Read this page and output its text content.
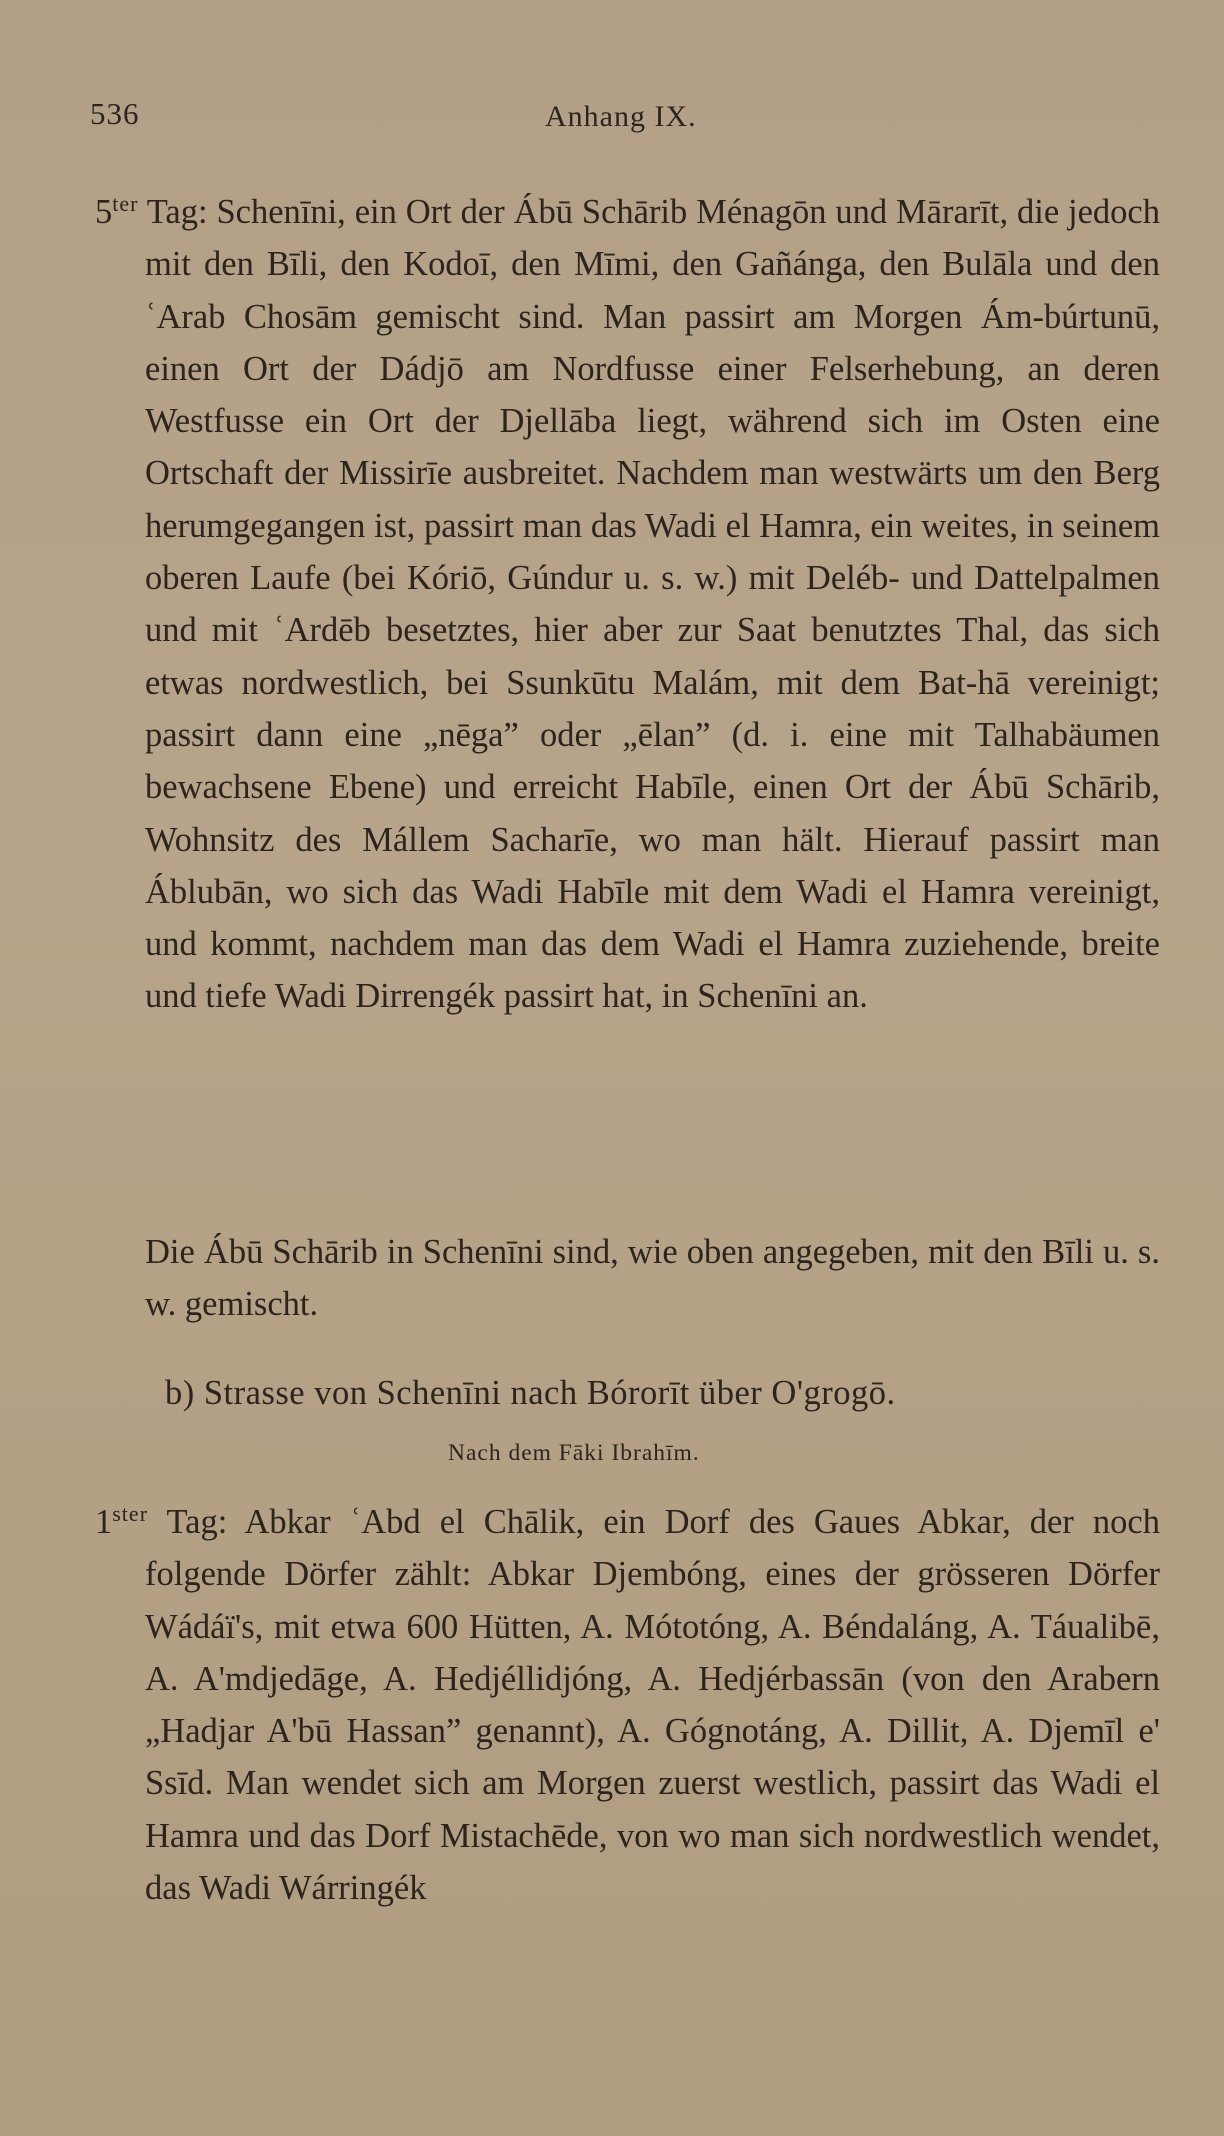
536	Anhang IX.
$5^{ter}$ Tag: Schenīni, ein Ort der Ábū Schārib Ménagōn und Mārarīt, die jedoch mit den Bīli, den Kodoī, den Mīmi, den Gañánga, den Bulāla und den ʿArab Chosām gemischt sind. Man passirt am Morgen Ám-búrtunū, einen Ort der Dádjō am Nordfusse einer Felserhebung, an deren Westfusse ein Ort der Djellāba liegt, während sich im Osten eine Ortschaft der Missirīe ausbreitet. Nachdem man westwärts um den Berg herumgegangen ist, passirt man das Wadi el Hamra, ein weites, in seinem oberen Laufe (bei Kóriō, Gúndur u. s. w.) mit Deléb- und Dattelpalmen und mit ʿArdēb besetztes, hier aber zur Saat benutztes Thal, das sich etwas nordwestlich, bei Ssunkūtu Malám, mit dem Bat-hā vereinigt; passirt dann eine „nēga” oder „ēlan” (d. i. eine mit Talhabäumen bewachsene Ebene) und erreicht Habīle, einen Ort der Ábū Schārib, Wohnsitz des Mállem Sacharīe, wo man hält. Hierauf passirt man Áblubān, wo sich das Wadi Habīle mit dem Wadi el Hamra vereinigt, und kommt, nachdem man das dem Wadi el Hamra zuziehende, breite und tiefe Wadi Dirrengék passirt hat, in Schenīni an.
Die Ábū Schārib in Schenīni sind, wie oben angegeben, mit den Bīli u. s. w. gemischt.
b) Strasse von Schenīni nach Bórorīt über O'grogō.
Nach dem Fāki Ibrahīm.
$1^{ster}$ Tag: Abkar ʿAbd el Chālik, ein Dorf des Gaues Abkar, der noch folgende Dörfer zählt: Abkar Djembóng, eines der grösseren Dörfer Wádáï's, mit etwa 600 Hütten, A. Mótotóng, A. Béndaláng, A. Táualibē, A. A'mdjedāge, A. Hedjéllidjóng, A. Hedjérbassān (von den Arabern „Hadjar A'bū Hassan” genannt), A. Gógnotáng, A. Dillit, A. Djemīl e' Ssīd. Man wendet sich am Morgen zuerst westlich, passirt das Wadi el Hamra und das Dorf Mistachēde, von wo man sich nordwestlich wendet, das Wadi Wárringék
